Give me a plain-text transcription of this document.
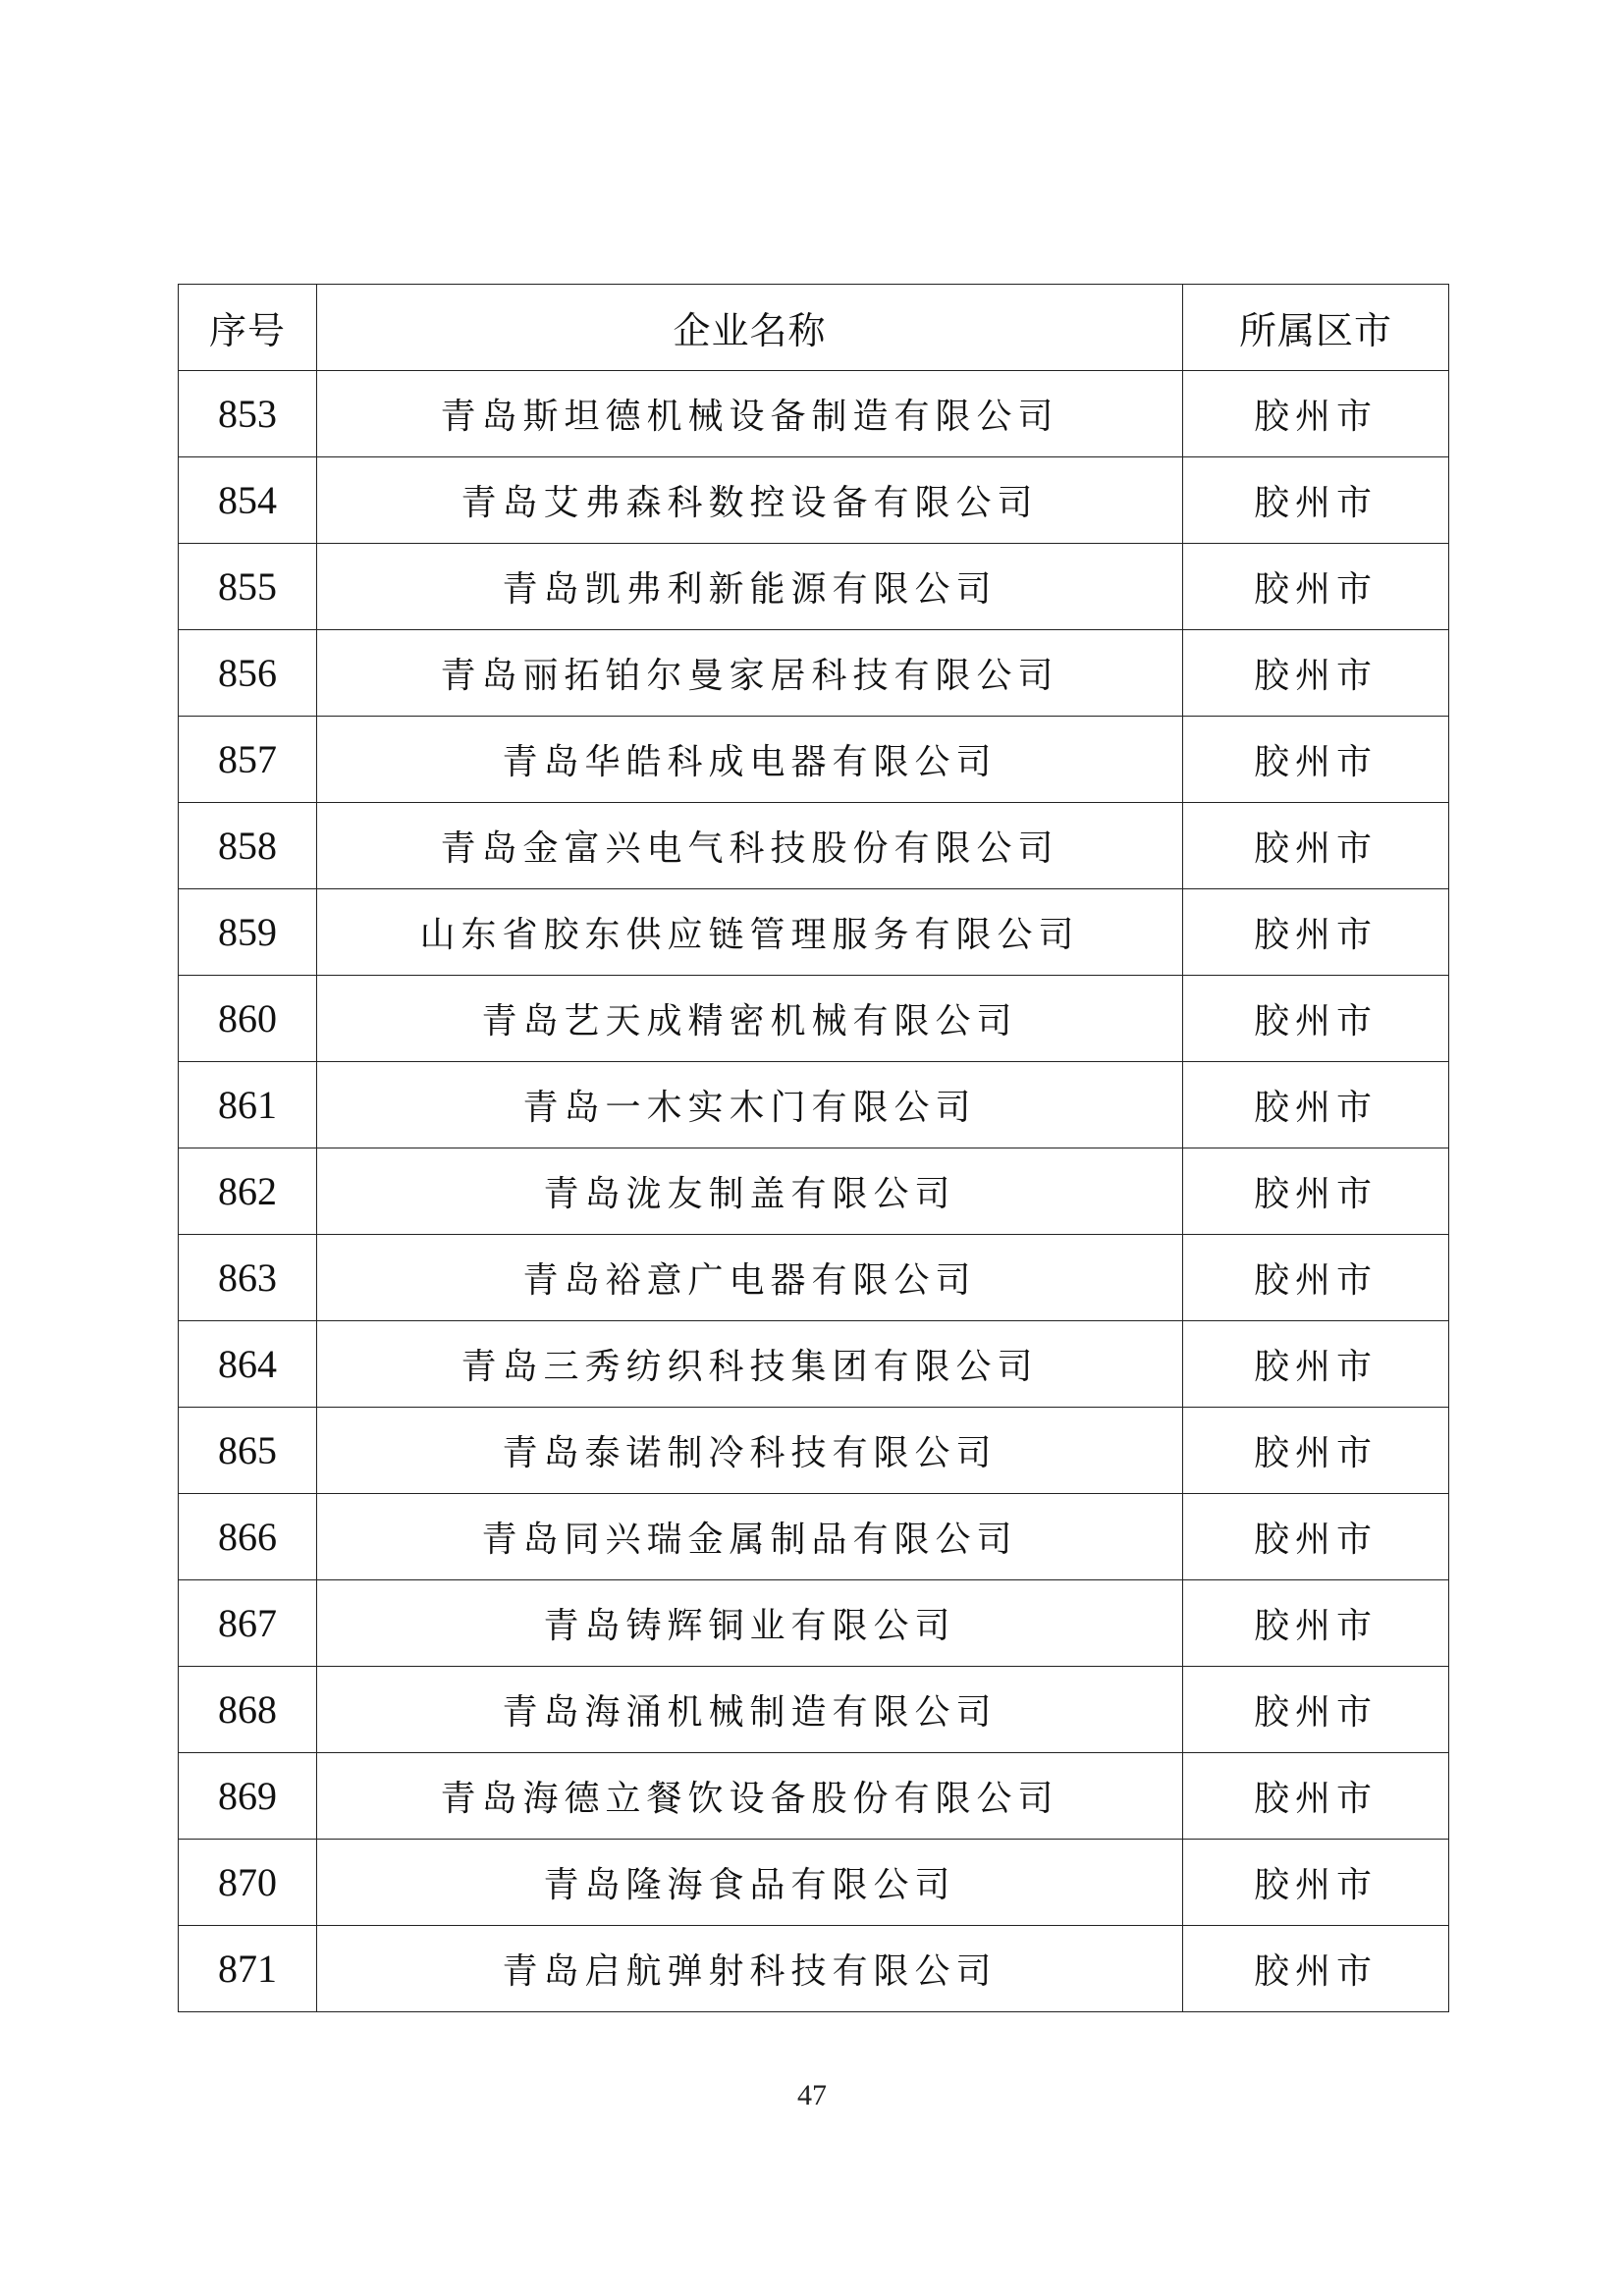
序号	企业名称	所属区市
853	青岛斯坦德机械设备制造有限公司	胶州市
854	青岛艾弗森科数控设备有限公司	胶州市
855	青岛凯弗利新能源有限公司	胶州市
856	青岛丽拓铂尔曼家居科技有限公司	胶州市
857	青岛华皓科成电器有限公司	胶州市
858	青岛金富兴电气科技股份有限公司	胶州市
859	山东省胶东供应链管理服务有限公司	胶州市
860	青岛艺天成精密机械有限公司	胶州市
861	青岛一木实木门有限公司	胶州市
862	青岛泷友制盖有限公司	胶州市
863	青岛裕意广电器有限公司	胶州市
864	青岛三秀纺织科技集团有限公司	胶州市
865	青岛泰诺制冷科技有限公司	胶州市
866	青岛同兴瑞金属制品有限公司	胶州市
867	青岛铸辉铜业有限公司	胶州市
868	青岛海涌机械制造有限公司	胶州市
869	青岛海德立餐饮设备股份有限公司	胶州市
870	青岛隆海食品有限公司	胶州市
871	青岛启航弹射科技有限公司	胶州市
47
